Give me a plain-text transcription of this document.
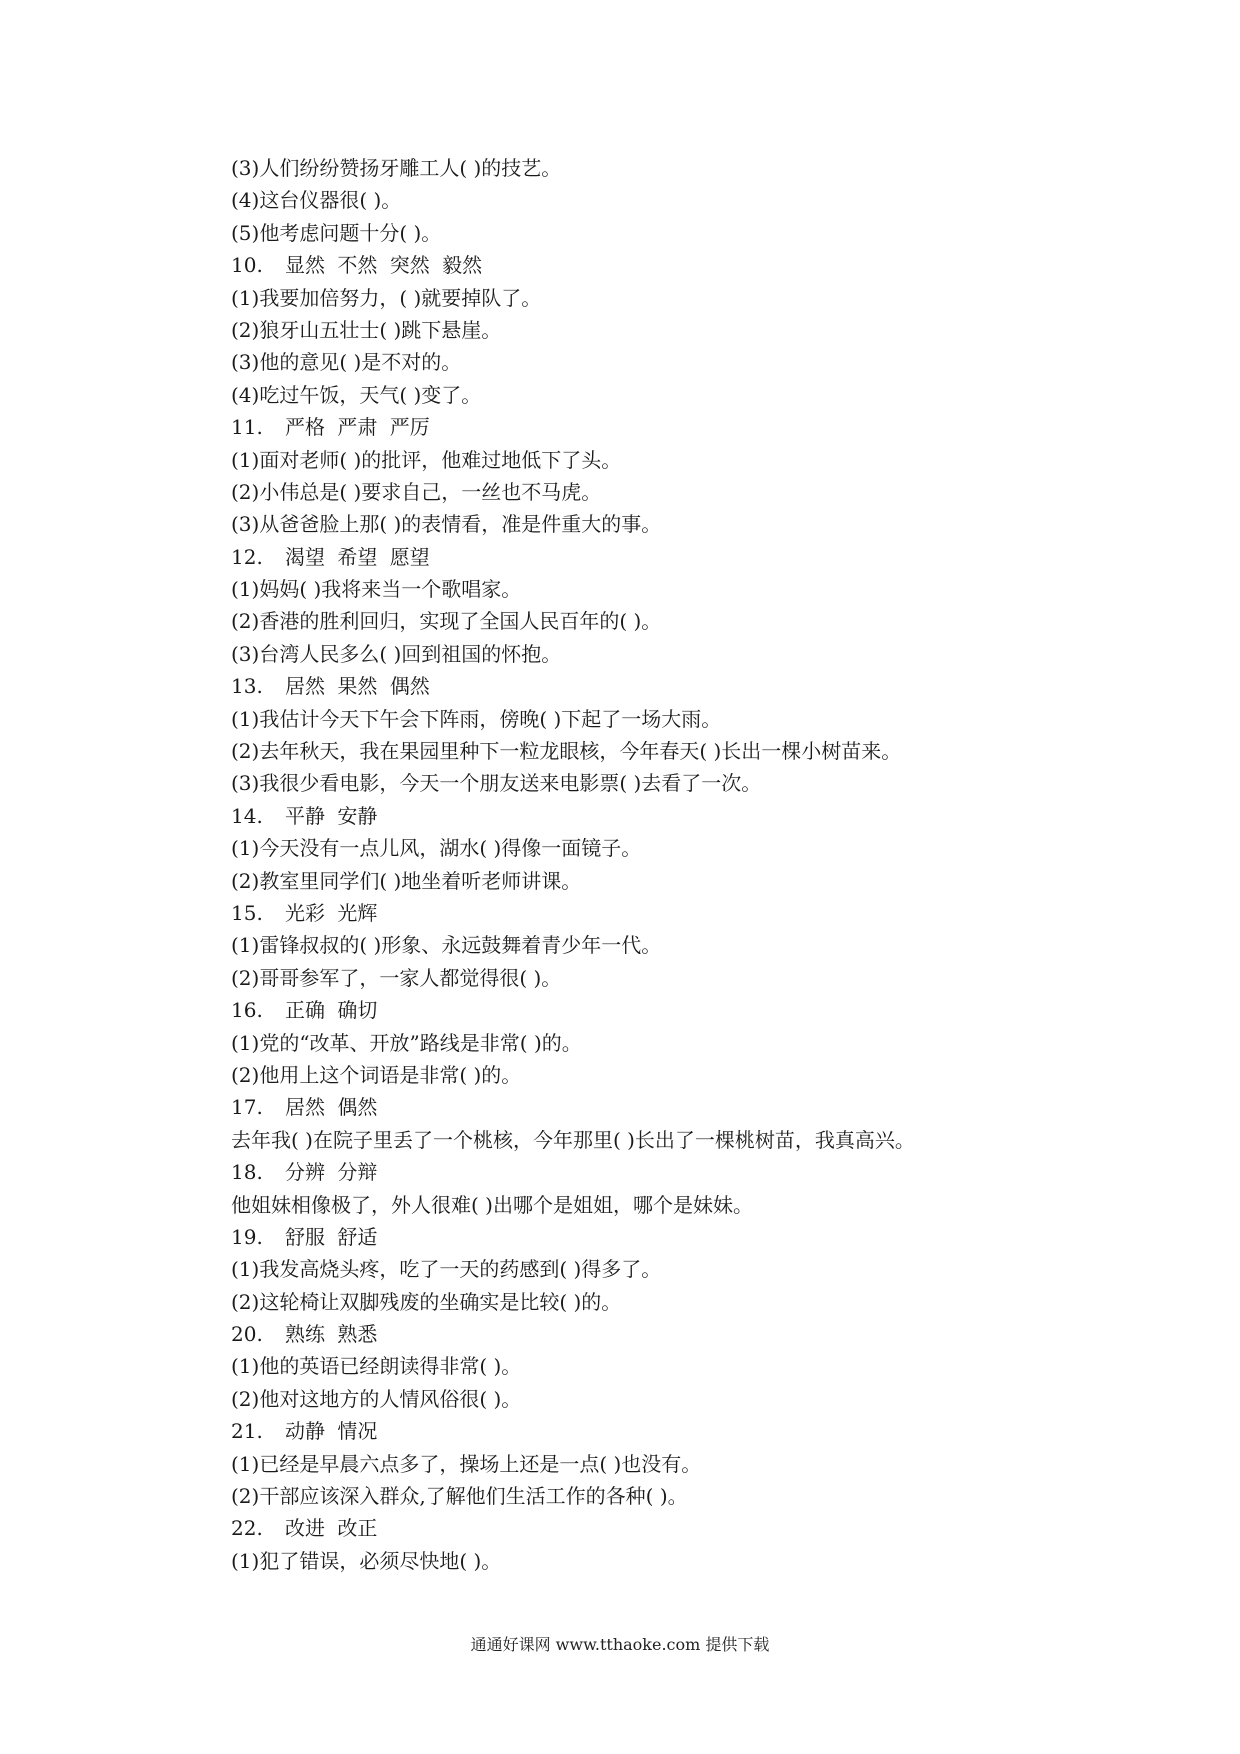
(3)人们纷纷赞扬牙雕工人( )的技艺。
(4)这台仪器很( )。
(5)他考虑问题十分( )。
10. 显然 不然 突然 毅然
(1)我要加倍努力，( )就要掉队了。
(2)狼牙山五壮士( )跳下悬崖。
(3)他的意见( )是不对的。
(4)吃过午饭，天气( )变了。
11. 严格 严肃 严厉
(1)面对老师( )的批评，他难过地低下了头。
(2)小伟总是( )要求自己，一丝也不马虎。
(3)从爸爸脸上那( )的表情看，准是件重大的事。
12. 渴望 希望 愿望
(1)妈妈( )我将来当一个歌唱家。
(2)香港的胜利回归，实现了全国人民百年的( )。
(3)台湾人民多么( )回到祖国的怀抱。
13. 居然 果然 偶然
(1)我估计今天下午会下阵雨，傍晚( )下起了一场大雨。
(2)去年秋天，我在果园里种下一粒龙眼核，今年春天( )长出一棵小树苗来。
(3)我很少看电影，今天一个朋友送来电影票( )去看了一次。
14. 平静 安静
(1)今天没有一点儿风，湖水( )得像一面镜子。
(2)教室里同学们( )地坐着听老师讲课。
15. 光彩 光辉
(1)雷锋叔叔的( )形象、永远鼓舞着青少年一代。
(2)哥哥参军了，一家人都觉得很( )。
16. 正确 确切
(1)党的“改革、开放”路线是非常( )的。
(2)他用上这个词语是非常( )的。
17. 居然 偶然
去年我( )在院子里丢了一个桃核，今年那里( )长出了一棵桃树苗，我真高兴。
18. 分辨 分辩
他姐妹相像极了，外人很难( )出哪个是姐姐，哪个是妹妹。
19. 舒服 舒适
(1)我发高烧头疼，吃了一天的药感到( )得多了。
(2)这轮椅让双脚残废的坐确实是比较( )的。
20. 熟练 熟悉
(1)他的英语已经朗读得非常( )。
(2)他对这地方的人情风俗很( )。
21. 动静 情况
(1)已经是早晨六点多了，操场上还是一点( )也没有。
(2)干部应该深入群众,了解他们生活工作的各种( )。
22. 改进 改正
(1)犯了错误，必须尽快地( )。
通通好课网 www.tthaoke.com 提供下载
